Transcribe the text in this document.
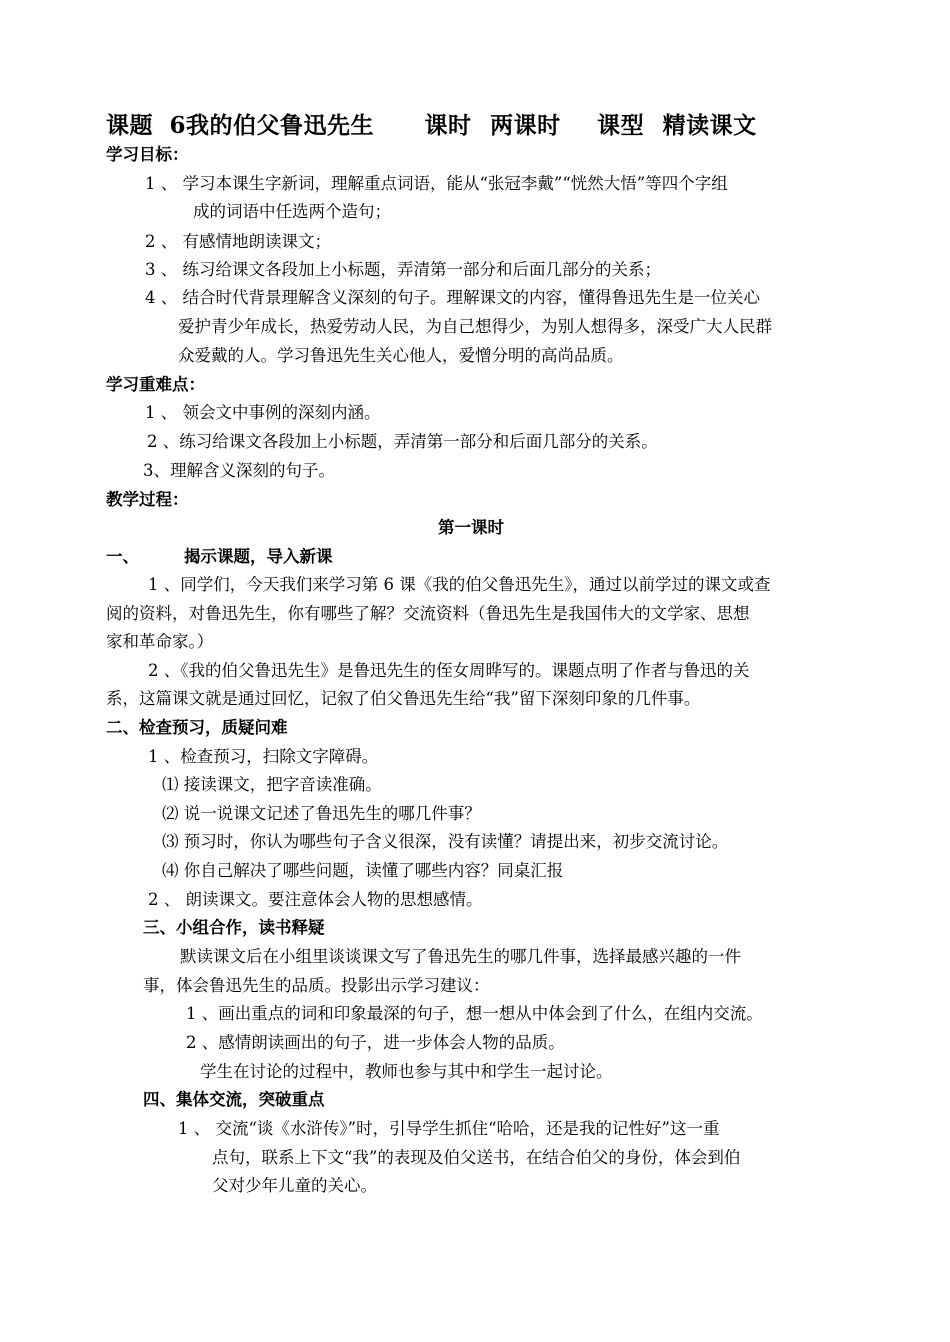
课题 6我的伯父鲁迅先生 课时 两课时 课型 精读课文
学习目标：
1 、 学习本课生字新词，理解重点词语，能从“张冠李戴”“恍然大悟”等四个字组
成的词语中任选两个造句；
2 、 有感情地朗读课文；
3 、 练习给课文各段加上小标题，弄清第一部分和后面几部分的关系；
4 、 结合时代背景理解含义深刻的句子。理解课文的内容，懂得鲁迅先生是一位关心
爱护青少年成长，热爱劳动人民，为自己想得少，为别人想得多，深受广大人民群
众爱戴的人。学习鲁迅先生关心他人，爱憎分明的高尚品质。
学习重难点：
1 、 领会文中事例的深刻内涵。
2 、练习给课文各段加上小标题，弄清第一部分和后面几部分的关系。
3、理解含义深刻的句子。
教学过程：
第一课时
一、	揭示课题，导入新课
1 、同学们，今天我们来学习第 6 课《我的伯父鲁迅先生》，通过以前学过的课文或查
阅的资料，对鲁迅先生，你有哪些了解？交流资料（鲁迅先生是我国伟大的文学家、思想
家和革命家。）
2 、《我的伯父鲁迅先生》是鲁迅先生的侄女周晔写的。课题点明了作者与鲁迅的关
系，这篇课文就是通过回忆，记叙了伯父鲁迅先生给“我”留下深刻印象的几件事。
二、检查预习，质疑问难
1 、检查预习，扫除文字障碍。
⑴ 接读课文，把字音读准确。
⑵ 说一说课文记述了鲁迅先生的哪几件事？
⑶ 预习时，你认为哪些句子含义很深，没有读懂？请提出来，初步交流讨论。
⑷ 你自己解决了哪些问题，读懂了哪些内容？同桌汇报
2 、 朗读课文。要注意体会人物的思想感情。
三、小组合作，读书释疑
默读课文后在小组里谈谈课文写了鲁迅先生的哪几件事，选择最感兴趣的一件
事，体会鲁迅先生的品质。投影出示学习建议：
1 、画出重点的词和印象最深的句子，想一想从中体会到了什么，在组内交流。
2 、感情朗读画出的句子，进一步体会人物的品质。
学生在讨论的过程中，教师也参与其中和学生一起讨论。
四、集体交流，突破重点
1 、 交流“谈《水浒传》”时，引导学生抓住“哈哈，还是我的记性好”这一重
点句，联系上下文“我”的表现及伯父送书，在结合伯父的身份，体会到伯
父对少年儿童的关心。
